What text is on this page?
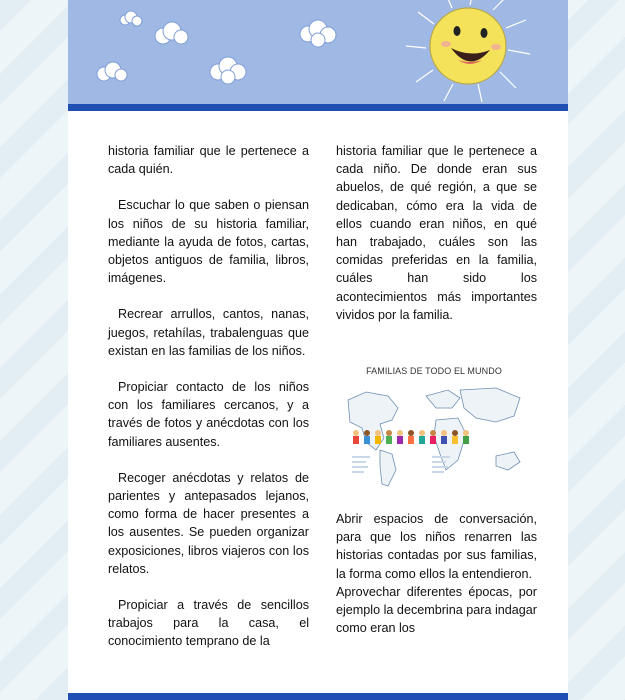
historia familiar que le pertenece a cada quién.

Escuchar lo que saben o piensan los niños de su historia familiar, mediante la ayuda de fotos, cartas, objetos antiguos de familia, libros, imágenes.

Recrear arrullos, cantos, nanas, juegos, retahílas, trabalenguas que existan en las familias de los niños.

Propiciar contacto de los niños con los familiares cercanos, y a través de fotos y anécdotas con los familiares ausentes.

Recoger anécdotas y relatos de parientes y antepasados lejanos, como forma de hacer presentes a los ausentes. Se pueden organizar exposiciones, libros viajeros con los relatos.

Propiciar a través de sencillos trabajos para la casa, el conocimiento temprano de la

historia familiar que le pertenece a cada niño. De donde eran sus abuelos, de qué región, a que se dedicaban, cómo era la vida de ellos cuando eran niños, en qué han trabajado, cuáles son las comidas preferidas en la familia, cuáles han sido los acontecimientos más importantes vividos por la familia.

FAMILIAS DE TODO EL MUNDO

Abrir espacios de conversación, para que los niños renarren las historias contadas por sus familias, la forma como ellos la entendieron.

Aprovechar diferentes épocas, por ejemplo la decembrina para indagar como eran los
